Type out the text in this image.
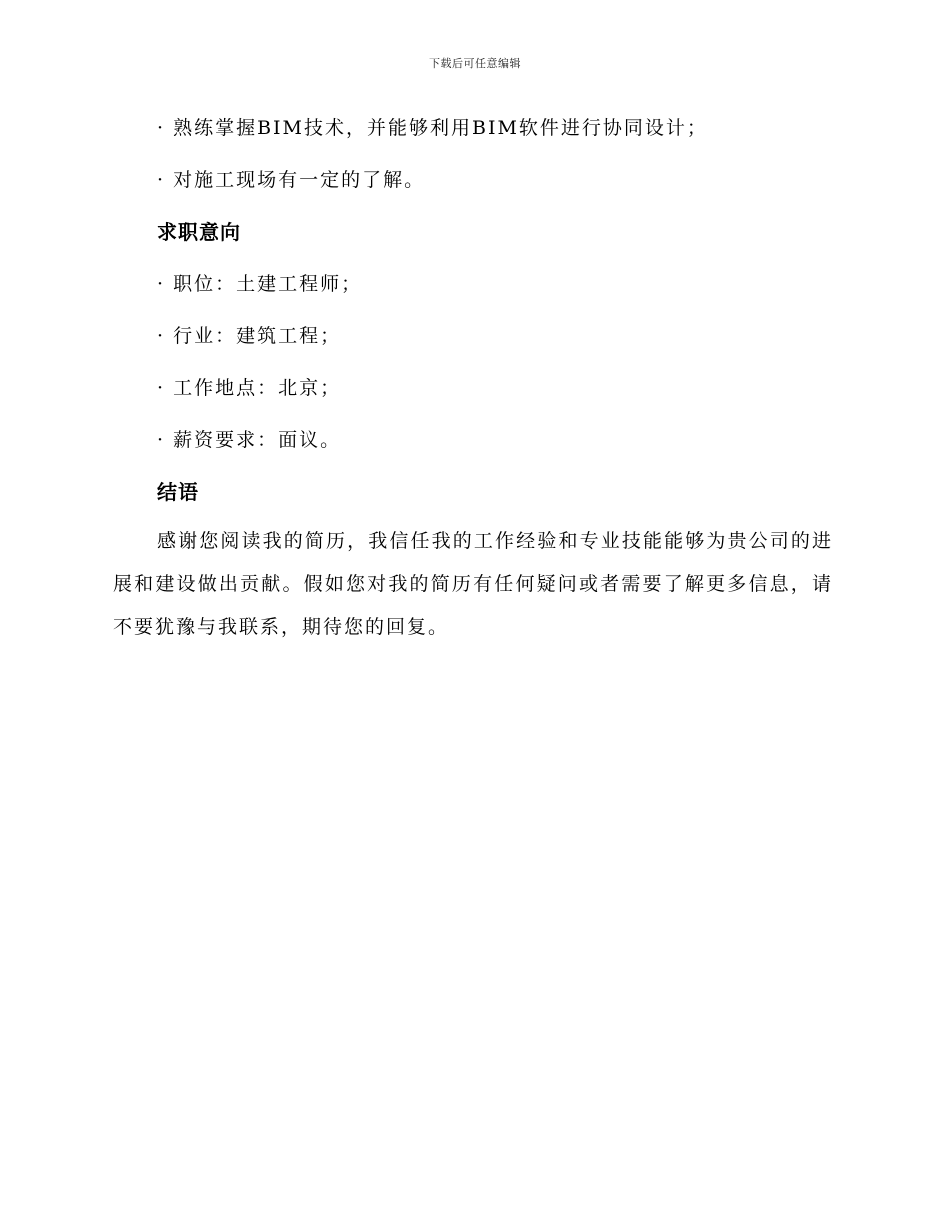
下载后可任意编辑
· 熟练掌握BIM技术，并能够利用BIM软件进行协同设计；
· 对施工现场有一定的了解。
求职意向
· 职位：土建工程师；
· 行业：建筑工程；
· 工作地点：北京；
· 薪资要求：面议。
结语

感谢您阅读我的简历，我信任我的工作经验和专业技能能够为贵公司的进展和建设做出贡献。假如您对我的简历有任何疑问或者需要了解更多信息，请不要犹豫与我联系，期待您的回复。
